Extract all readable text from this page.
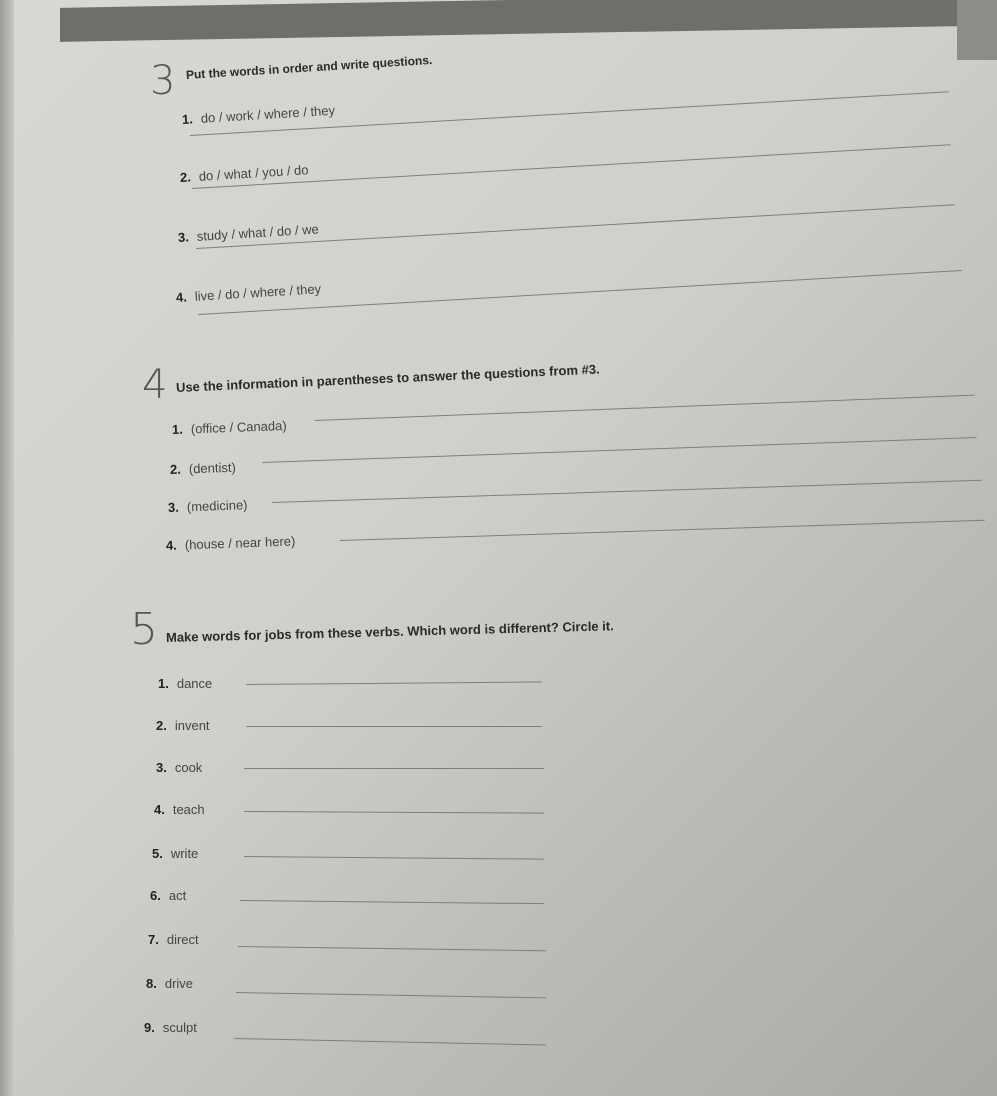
3 Put the words in order and write questions.
1. do / work / where / they
2. do / what / you / do
3. study / what / do / we
4. live / do / where / they
4 Use the information in parentheses to answer the questions from #3.
1. (office / Canada)
2. (dentist)
3. (medicine)
4. (house / near here)
5 Make words for jobs from these verbs. Which word is different? Circle it.
1. dance
2. invent
3. cook
4. teach
5. write
6. act
7. direct
8. drive
9. sculpt
